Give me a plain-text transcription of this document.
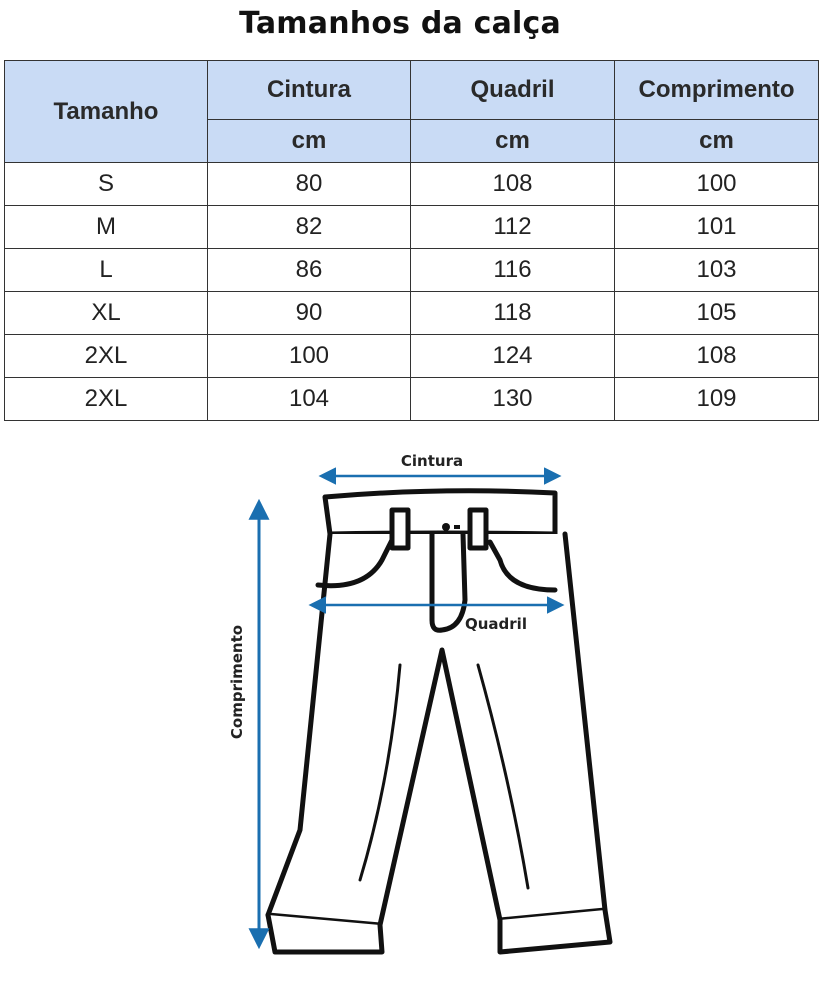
Tamanhos da calça
Tamanho	Cintura	Quadril	Comprimento
	cm	cm	cm
S	80	108	100
M	82	112	101
L	86	116	103
XL	90	118	105
2XL	100	124	108
2XL	104	130	109
Cintura
Quadril
Comprimento
